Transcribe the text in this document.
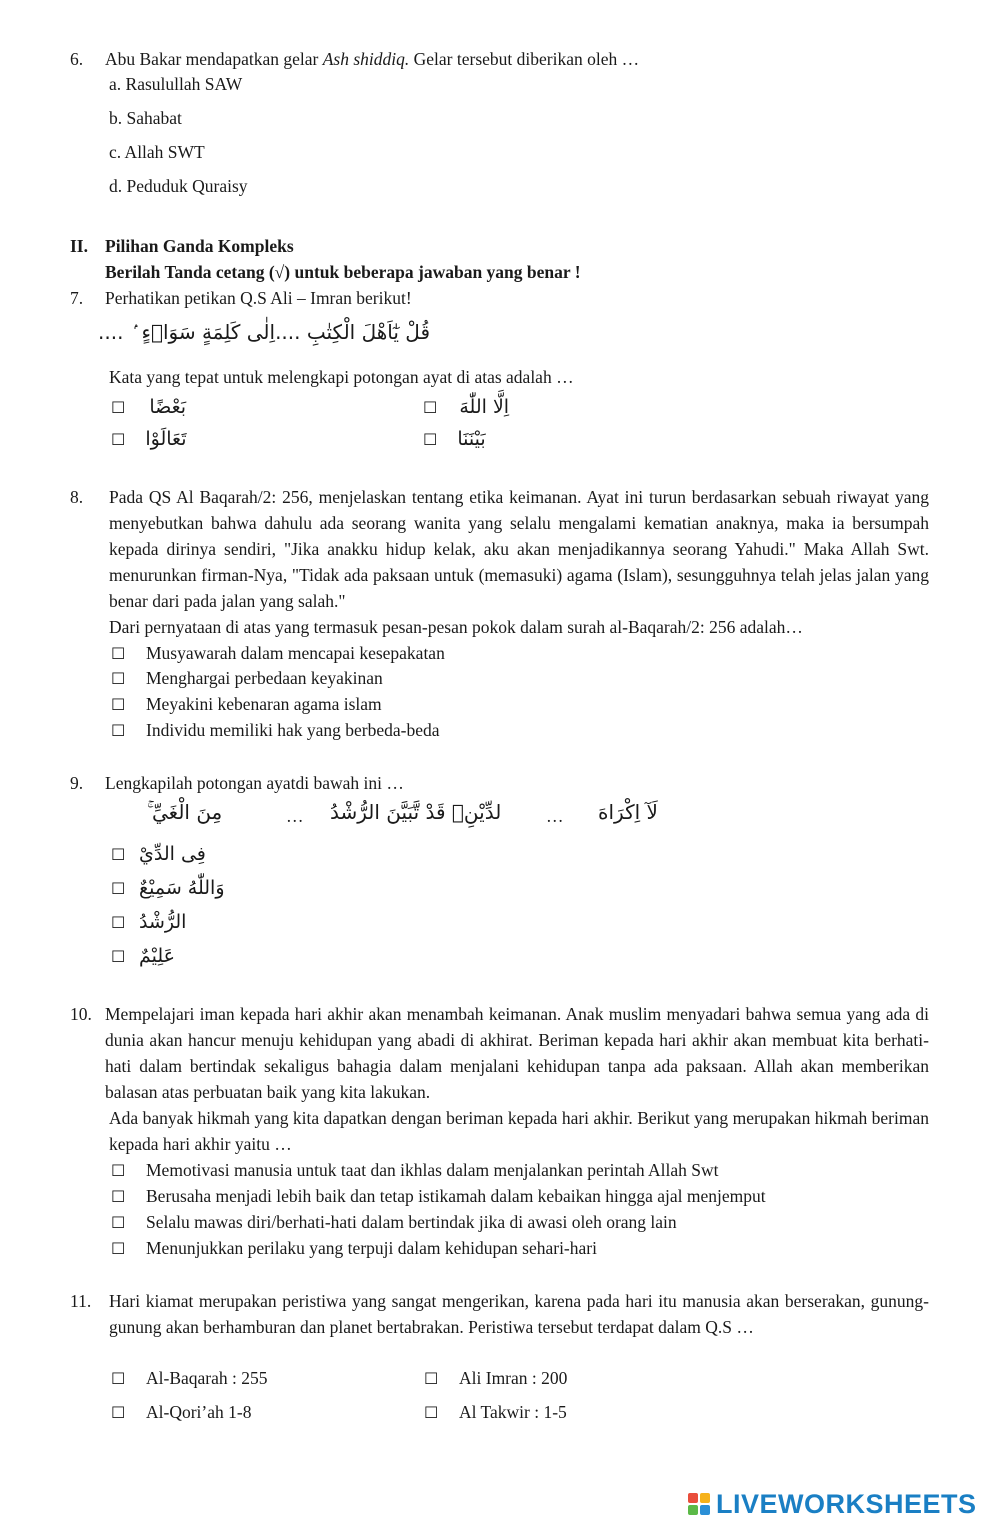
6. Abu Bakar mendapatkan gelar Ash shiddiq. Gelar tersebut diberikan oleh …
a. Rasulullah SAW
b. Sahabat
c. Allah SWT
d. Peduduk Quraisy
II. Pilihan Ganda Kompleks
Berilah Tanda cetang (√) untuk beberapa jawaban yang benar !
7. Perhatikan petikan Q.S Ali – Imran berikut!
قُلْ يٰٓاَهْلَ الْكِتٰبِ ....اِلٰى كَلِمَةٍ سَوَاۤءٍ ۢ ....
Kata yang tepat untuk melengkapi potongan ayat di atas adalah …
☐ بَعْضًا	☐ اِلَّا اللّٰهَ
☐ تَعَالَوْا	☐ بَيْنَنَا
8. Pada QS Al Baqarah/2: 256, menjelaskan tentang etika keimanan. Ayat ini turun berdasarkan sebuah riwayat yang menyebutkan bahwa dahulu ada seorang wanita yang selalu mengalami kematian anaknya, maka ia bersumpah kepada dirinya sendiri, "Jika anakku hidup kelak, aku akan menjadikannya seorang Yahudi." Maka Allah Swt. menurunkan firman-Nya, "Tidak ada paksaan untuk (memasuki) agama (Islam), sesungguhnya telah jelas jalan yang benar dari pada jalan yang salah."
Dari pernyataan di atas yang termasuk pesan-pesan pokok dalam surah al-Baqarah/2: 256 adalah…
☐ Musyawarah dalam mencapai kesepakatan
☐ Menghargai perbedaan keyakinan
☐ Meyakini kebenaran agama islam
☐ Individu memiliki hak yang berbeda-beda
9. Lengkapilah potongan ayatdi bawah ini …
لَآ اِكْرَاهَ
…
لدِّيْنِۗ قَدْ تَّبَيَّنَ الرُّشْدُ
…
مِنَ الْغَيِّ ۚ
☐ فِى الدِّيْ
☐ وَاللّٰهُ سَمِيْعٌ
☐ الرُّشْدُ
☐ عَلِيْمٌ
10. Mempelajari iman kepada hari akhir akan menambah keimanan. Anak muslim menyadari bahwa semua yang ada di dunia akan hancur menuju kehidupan yang abadi di akhirat. Beriman kepada hari akhir akan membuat kita berhati-hati dalam bertindak sekaligus bahagia dalam menjalani kehidupan tanpa ada paksaan. Allah akan memberikan balasan atas perbuatan baik yang kita lakukan.
Ada banyak hikmah yang kita dapatkan dengan beriman kepada hari akhir. Berikut yang merupakan hikmah beriman kepada hari akhir yaitu …
☐ Memotivasi manusia untuk taat dan ikhlas dalam menjalankan perintah Allah Swt
☐ Berusaha menjadi lebih baik dan tetap istikamah dalam kebaikan hingga ajal menjemput
☐ Selalu mawas diri/berhati-hati dalam bertindak jika di awasi oleh orang lain
☐ Menunjukkan perilaku yang terpuji dalam kehidupan sehari-hari
11. Hari kiamat merupakan peristiwa yang sangat mengerikan, karena pada hari itu manusia akan berserakan, gunung-gunung akan berhamburan dan planet bertabrakan. Peristiwa tersebut terdapat dalam Q.S …
☐ Al-Baqarah : 255	☐ Ali Imran : 200
☐ Al-Qori’ah 1-8	☐ Al Takwir : 1-5
LIVEWORKSHEETS
